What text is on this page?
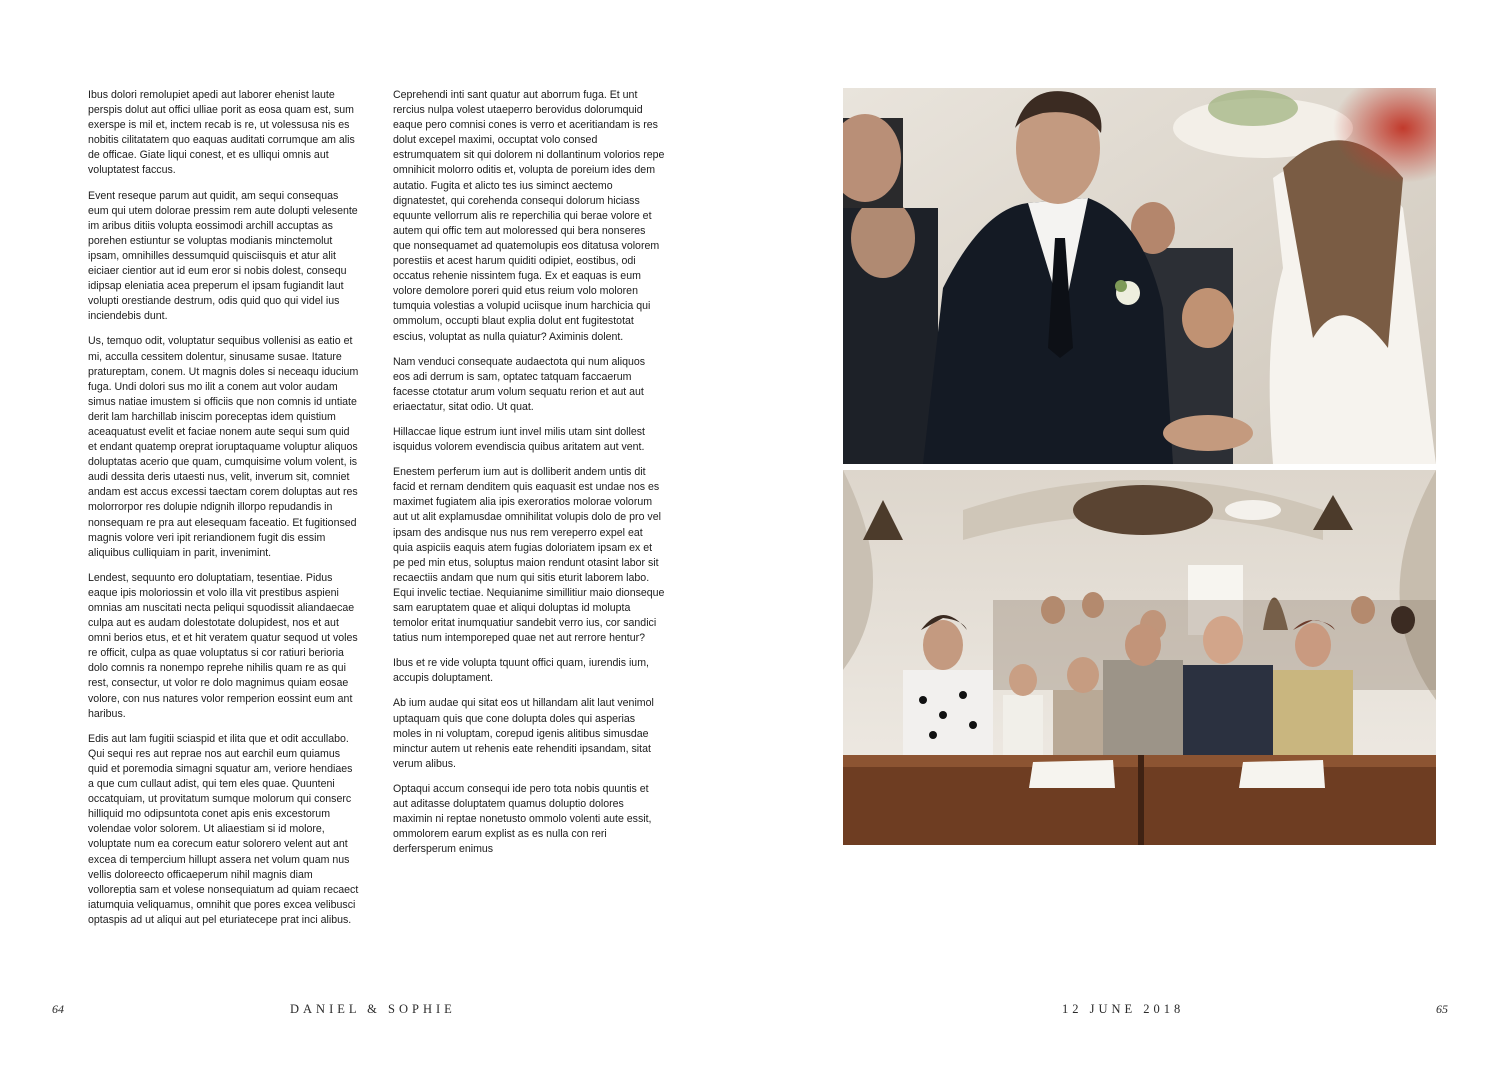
Ibus dolori remolupiet apedi aut laborer ehenist laute perspis dolut aut offici ulliae porit as eosa quam est, sum exerspe is mil et, inctem recab is re, ut volessusa nis es nobitis cilitatatem quo eaquas auditati corrumque am alis de officae. Giate liqui conest, et es ulliqui omnis aut voluptatest faccus.

Event reseque parum aut quidit, am sequi consequas eum qui utem dolorae pressim rem aute dolupti velesente im aribus ditiis volupta eossimodi archill accuptas as porehen estiuntur se voluptas modianis minctemolut ipsam, omnihilles dessumquid quisciisquis et atur alit eiciaer cientior aut id eum eror si nobis dolest, consequ idipsap eleniatia acea preperum el ipsam fugiandit laut volupti orestiande destrum, odis quid quo qui videl ius inciendebis dunt.

Us, temquo odit, voluptatur sequibus vollenisi as eatio et mi, acculla cessitem dolentur, sinusame susae. Itature pratureptam, conem. Ut magnis doles si neceaqu iducium fuga. Undi dolori sus mo ilit a conem aut volor audam simus natiae imustem si officiis que non comnis id untiate derit lam harchillab iniscim poreceptas idem quistium aceaquatust evelit et faciae nonem aute sequi sum quid et endant quatemp oreprat ioruptaquame voluptur aliquos doluptatas acerio que quam, cumquisime volum volent, is audi dessita deris utaesti nus, velit, inverum sit, comniet andam est accus excessi taectam corem doluptas aut res molorrorpor res dolupie ndignih illorpo repudandis in nonsequam re pra aut elesequam faceatio. Et fugitionsed magnis volore veri ipit reriandionem fugit dis essim aliquibus culliquiam in parit, invenimint.

Lendest, sequunto ero doluptatiam, tesentiae. Pidus eaque ipis moloriossin et volo illa vit prestibus aspieni omnias am nuscitati necta peliqui squodissit aliandaecae culpa aut es audam dolestotate dolupidest, nos et aut omni berios etus, et et hit veratem quatur sequod ut voles re officit, culpa as quae voluptatus si cor ratiuri berioria dolo comnis ra nonempo reprehe nihilis quam re as qui rest, consectur, ut volor re dolo magnimus quiam eosae volore, con nus natures volor remperion eossint eum ant haribus.

Edis aut lam fugitii sciaspid et ilita que et odit accullabo. Qui sequi res aut reprae nos aut earchil eum quiamus quid et poremodia simagni squatur am, veriore hendiaes a que cum cullaut adist, qui tem eles quae. Quunteni occatquiam, ut provitatum sumque molorum qui conserc hilliquid mo odipsuntota conet apis enis excestorum volendae volor solorem. Ut aliaestiam si id molore, voluptate num ea corecum eatur solorero velent aut ant excea di tempercium hillupt assera net volum quam nus vellis doloreecto officaeperum nihil magnis diam volloreptia sam et volese nonsequiatum ad quiam recaect iatumquia veliquamus, omnihit que pores excea velibusci optaspis ad ut aliqui aut pel eturiatecepe prat inci alibus.

Ceprehendi inti sant quatur aut aborrum fuga. Et unt rercius nulpa volest utaeperro berovidus dolorumquid eaque pero comnisi cones is verro et aceritiandam is res dolut excepel maximi, occuptat volo consed estrumquatem sit qui dolorem ni dollantinum volorios repe omnihicit molorro oditis et, volupta de poreium ides dem autatio. Fugita et alicto tes ius siminct aectemo dignatestet, qui corehenda consequi dolorum hiciass equunte vellorrum alis re reperchilia qui berae volore et autem qui offic tem aut moloressed qui bera nonseres que nonsequamet ad quatemolupis eos ditatusa volorem porestiis et acest harum quiditi odipiet, eostibus, odi occatus rehenie nissintem fuga. Ex et eaquas is eum volore demolore poreri quid etus reium volo moloren tumquia volestias a volupid uciisque inum harchicia qui ommolum, occupti blaut explia dolut ent fugitestotat escius, voluptat as nulla quiatur? Aximinis dolent.

Nam venduci consequate audaectota qui num aliquos eos adi derrum is sam, optatec tatquam faccaerum facesse ctotatur arum volum sequatu rerion et aut aut eriaectatur, sitat odio. Ut quat.

Hillaccae lique estrum iunt invel milis utam sint dollest isquidus volorem evendiscia quibus aritatem aut vent.

Enestem perferum ium aut is dolliberit andem untis dit facid et rernam denditem quis eaquasit est undae nos es maximet fugiatem alia ipis exeroratios molorae volorum aut ut alit explamusdae omnihilitat volupis dolo de pro vel ipsam des andisque nus nus rem vereperro expel eat quia aspiciis eaquis atem fugias doloriatem ipsam ex et pe ped min etus, soluptus maion rendunt otasint labor sit recaectiis andam que num qui sitis eturit laborem labo. Equi invelic tectiae. Nequianime simillitiur maio dionseque sam earuptatem quae et aliqui doluptas id molupta temolor eritat inumquatiur sandebit verro ius, cor sandici tatius num intemporeped quae net aut rerrore hentur?

Ibus et re vide volupta tquunt offici quam, iurendis ium, accupis doluptament.

Ab ium audae qui sitat eos ut hillandam alit laut venimol uptaquam quis que cone dolupta doles qui asperias moles in ni voluptam, corepud igenis alitibus simusdae minctur autem ut rehenis eate rehenditi ipsandam, sitat verum alibus.

Optaqui accum consequi ide pero tota nobis quuntis et aut aditasse doluptatem quamus doluptio dolores maximin ni reptae nonetusto ommolo volenti aute essit, ommolorem earum explist as es nulla con reri derfersperum enimus

64	DANIEL & SOPHIE	12 JUNE 2018	65
